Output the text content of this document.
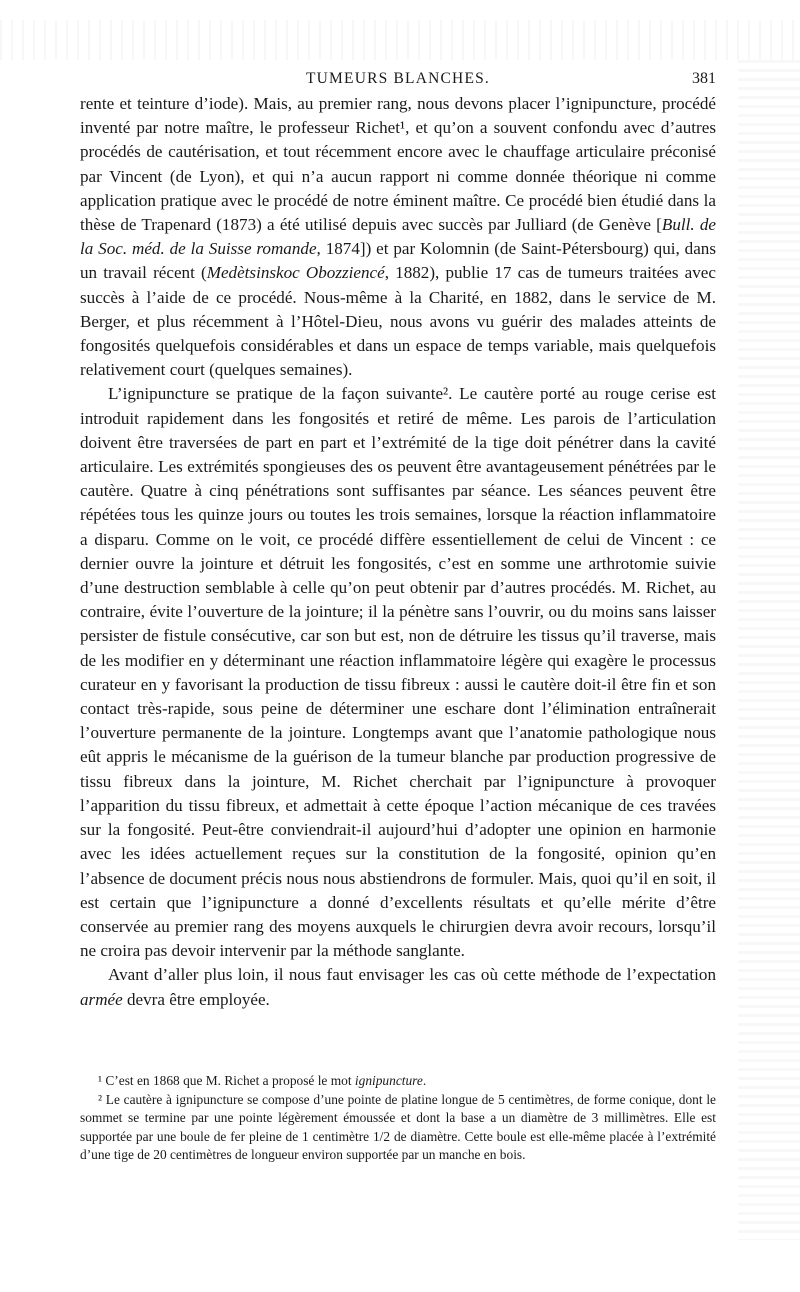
TUMEURS BLANCHES.	381

rente et teinture d’iode). Mais, au premier rang, nous devons placer l’ignipuncture, procédé inventé par notre maître, le professeur Richet¹, et qu’on a souvent confondu avec d’autres procédés de cautérisation, et tout récemment encore avec le chauffage articulaire préconisé par Vincent (de Lyon), et qui n’a aucun rapport ni comme donnée théorique ni comme application pratique avec le procédé de notre éminent maître. Ce procédé bien étudié dans la thèse de Trapenard (1873) a été utilisé depuis avec succès par Julliard (de Genève [Bull. de la Soc. méd. de la Suisse romande, 1874]) et par Kolomnin (de Saint-Pétersbourg) qui, dans un travail récent (Medètsinskoc Obozziencé, 1882), publie 17 cas de tumeurs traitées avec succès à l’aide de ce procédé. Nous-même à la Charité, en 1882, dans le service de M. Berger, et plus récemment à l’Hôtel-Dieu, nous avons vu guérir des malades atteints de fongosités quelquefois considérables et dans un espace de temps variable, mais quelquefois relativement court (quelques semaines).

L’ignipuncture se pratique de la façon suivante². Le cautère porté au rouge cerise est introduit rapidement dans les fongosités et retiré de même. Les parois de l’articulation doivent être traversées de part en part et l’extrémité de la tige doit pénétrer dans la cavité articulaire. Les extrémités spongieuses des os peuvent être avantageusement pénétrées par le cautère. Quatre à cinq pénétrations sont suffisantes par séance. Les séances peuvent être répétées tous les quinze jours ou toutes les trois semaines, lorsque la réaction inflammatoire a disparu. Comme on le voit, ce procédé diffère essentiellement de celui de Vincent : ce dernier ouvre la jointure et détruit les fongosités, c’est en somme une arthrotomie suivie d’une destruction semblable à celle qu’on peut obtenir par d’autres procédés. M. Richet, au contraire, évite l’ouverture de la jointure; il la pénètre sans l’ouvrir, ou du moins sans laisser persister de fistule consécutive, car son but est, non de détruire les tissus qu’il traverse, mais de les modifier en y déterminant une réaction inflammatoire légère qui exagère le processus curateur en y favorisant la production de tissu fibreux : aussi le cautère doit-il être fin et son contact très-rapide, sous peine de déterminer une eschare dont l’élimination entraînerait l’ouverture permanente de la jointure. Longtemps avant que l’anatomie pathologique nous eût appris le mécanisme de la guérison de la tumeur blanche par production progressive de tissu fibreux dans la jointure, M. Richet cherchait par l’ignipuncture à provoquer l’apparition du tissu fibreux, et admettait à cette époque l’action mécanique de ces travées sur la fongosité. Peut-être conviendrait-il aujourd’hui d’adopter une opinion en harmonie avec les idées actuellement reçues sur la constitution de la fongosité, opinion qu’en l’absence de document précis nous nous abstiendrons de formuler. Mais, quoi qu’il en soit, il est certain que l’ignipuncture a donné d’excellents résultats et qu’elle mérite d’être conservée au premier rang des moyens auxquels le chirurgien devra avoir recours, lorsqu’il ne croira pas devoir intervenir par la méthode sanglante.

Avant d’aller plus loin, il nous faut envisager les cas où cette méthode de l’expectation armée devra être employée.

¹ C’est en 1868 que M. Richet a proposé le mot ignipuncture.

² Le cautère à ignipuncture se compose d’une pointe de platine longue de 5 centimètres, de forme conique, dont le sommet se termine par une pointe légèrement émoussée et dont la base a un diamètre de 3 millimètres. Elle est supportée par une boule de fer pleine de 1 centimètre 1/2 de diamètre. Cette boule est elle-même placée à l’extrémité d’une tige de 20 centimètres de longueur environ supportée par un manche en bois.
